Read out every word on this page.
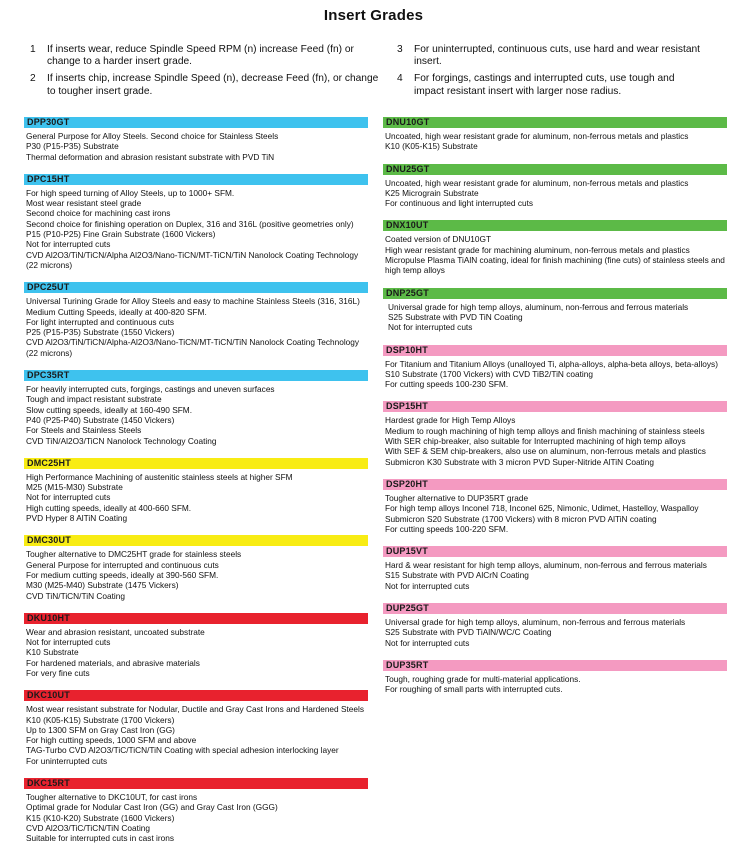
Insert Grades
1	If inserts wear, reduce Spindle Speed RPM (n) increase Feed (fn) or change to a harder insert grade.
2	If inserts chip, increase Spindle Speed (n), decrease Feed (fn), or change to tougher insert grade.
3	For uninterrupted, continuous cuts, use hard and wear resistant insert.
4	For forgings, castings and interrupted cuts, use tough and impact resistant insert with larger nose radius.
DPP30GT
General Purpose for Alloy Steels. Second choice for Stainless Steels
P30 (P15-P35) Substrate
Thermal deformation and abrasion resistant substrate with PVD TiN
DPC15HT
For high speed turning of Alloy Steels, up to 1000+ SFM.
Most wear resistant steel grade
Second choice for machining cast irons
Second choice for finishing operation on Duplex, 316 and 316L (positive geometries only)
P15 (P10-P25) Fine Grain Substrate (1600 Vickers)
Not for interrupted cuts
CVD Al2O3/TiN/TiCN/Alpha Al2O3/Nano-TiCN/MT-TiCN/TiN Nanolock Coating Technology (22 microns)
DPC25UT
Universal Turining Grade for Alloy Steels and easy to machine Stainless Steels (316, 316L)
Medium Cutting Speeds, ideally at 400-820 SFM.
For light interrupted and continuous cuts
P25 (P15-P35) Substrate (1550 Vickers)
CVD Al2O3/TiN/TiCN/Alpha-Al2O3/Nano-TiCN/MT-TiCN/TiN Nanolock Coating Technology (22 microns)
DPC35RT
For heavily interrupted cuts, forgings, castings and uneven surfaces
Tough and impact resistant substrate
Slow cutting speeds, ideally at 160-490 SFM.
P40 (P25-P40) Substrate (1450 Vickers)
For Steels and Stainless Steels
CVD TiN/Al2O3/TiCN Nanolock Technology Coating
DMC25HT
High Performance Machining of austenitic stainless steels at higher SFM
M25 (M15-M30) Substrate
Not for interrupted cuts
High cutting speeds, ideally at 400-660 SFM.
PVD Hyper 8 AlTiN Coating
DMC30UT
Tougher alternative to DMC25HT grade for stainless steels
General Purpose for interrupted and continuous cuts
For medium cutting speeds, ideally at 390-560 SFM.
M30 (M25-M40) Substrate (1475 Vickers)
CVD TiN/TiCN/TiN Coating
DKU10HT
Wear and abrasion resistant, uncoated substrate
Not for interrupted cuts
K10 Substrate
For hardened materials, and abrasive materials
For very fine cuts
DKC10UT
Most wear resistant substrate for Nodular, Ductile and Gray Cast Irons and Hardened Steels
K10 (K05-K15) Substrate (1700 Vickers)
Up to 1300 SFM on Gray Cast Iron (GG)
For high cutting speeds, 1000 SFM and above
TAG-Turbo CVD Al2O3/TiC/TiCN/TiN Coating with special adhesion interlocking layer
For uninterrupted cuts
DKC15RT
Tougher alternative to DKC10UT, for cast irons
Optimal grade for Nodular Cast Iron (GG) and Gray Cast Iron (GGG)
K15 (K10-K20) Substrate (1600 Vickers)
CVD Al2O3/TiC/TiCN/TiN Coating
Suitable for interrupted cuts in cast irons
DNU10GT
Uncoated, high wear resistant grade for aluminum, non-ferrous metals and plastics
K10 (K05-K15) Substrate
DNU25GT
Uncoated, high wear resistant grade for aluminum, non-ferrous metals and plastics
K25 Micrograin Substrate
For continuous and light interrupted cuts
DNX10UT
Coated version of DNU10GT
High wear resistant grade for machining aluminum, non-ferrous metals and plastics
Micropulse Plasma TiAlN coating, ideal for finish machining (fine cuts) of stainless steels and high temp alloys
DNP25GT
Universal grade for high temp alloys, aluminum, non-ferrous and ferrous materials
S25 Substrate with PVD TiN Coating
Not for interrupted cuts
DSP10HT
For Titanium and Titanium Alloys (unalloyed Ti, alpha-alloys, alpha-beta alloys, beta-alloys)
S10 Substrate (1700 Vickers) with CVD TiB2/TiN coating
For cutting speeds 100-230 SFM.
DSP15HT
Hardest grade for High Temp Alloys
Medium to rough machining of high temp alloys and finish machining of stainless steels
With SER chip-breaker, also suitable for Interrupted machining of high temp alloys
With SEF & SEM chip-breakers, also use on aluminum, non-ferrous metals and plastics
Submicron K30 Substrate with 3 micron PVD Super-Nitride AlTiN Coating
DSP20HT
Tougher alternative to DUP35RT grade
For high temp alloys Inconel 718, Inconel 625, Nimonic, Udimet, Hastelloy, Waspalloy
Submicron S20 Substrate (1700 Vickers) with 8 micron PVD AlTiN coating
For cutting speeds 100-220 SFM.
DUP15VT
Hard & wear resistant for high temp alloys, aluminum, non-ferrous and ferrous materials
S15 Substrate with PVD AlCrN Coating
Not for interrupted cuts
DUP25GT
Universal grade for high temp alloys, aluminum, non-ferrous and ferrous materials
S25 Substrate with PVD TiAlN/WC/C Coating
Not for interrupted cuts
DUP35RT
Tough, roughing grade for multi-material applications.
For roughing of small parts with interrupted cuts.
